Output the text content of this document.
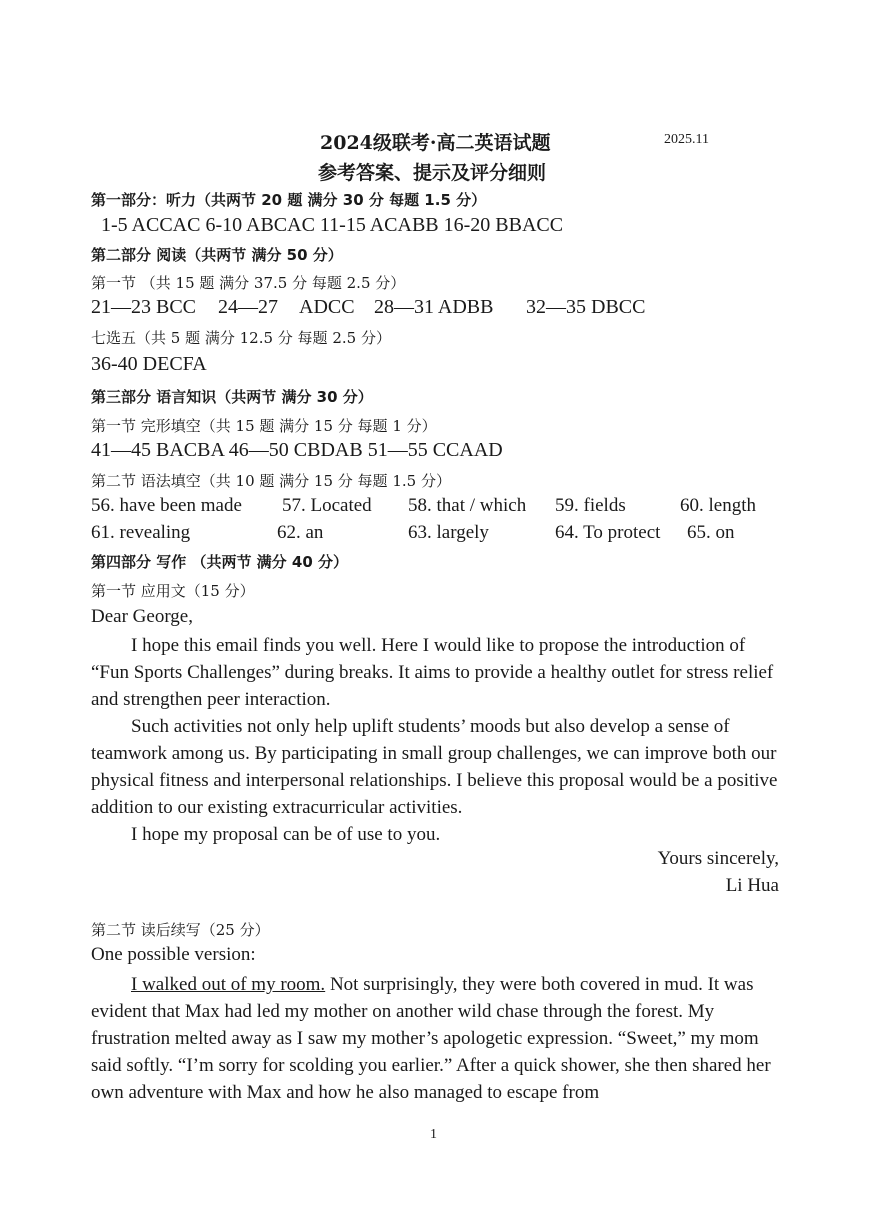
2024级联考·高二英语试题	2025.11
参考答案、提示及评分细则
第一部分：听力（共两节 20 题 满分 30 分 每题 1.5 分）
1-5 ACCAC 6-10 ABCAC 11-15 ACABB 16-20 BBACC
第二部分 阅读（共两节 满分 50 分）
第一节 （共 15 题 满分 37.5 分 每题 2.5 分）
21—23 BCC 24—27 ADCC 28—31 ADBB 32—35 DBCC
七选五（共 5 题 满分 12.5 分 每题 2.5 分）
36-40 DECFA
第三部分 语言知识（共两节 满分 30 分）
第一节 完形填空（共 15 题 满分 15 分 每题 1 分）
41—45 BACBA 46—50 CBDAB 51—55 CCAAD
第二节 语法填空（共 10 题 满分 15 分 每题 1.5 分）
56. have been made 57. Located 58. that / which 59. fields	60. length
61. revealing	62. an	63. largely	64. To protect 65. on
第四部分 写作 （共两节 满分 40 分）
第一节 应用文（15 分）
Dear George,
I hope this email finds you well. Here I would like to propose the introduction of “Fun Sports Challenges” during breaks. It aims to provide a healthy outlet for stress relief and strengthen peer interaction.
Such activities not only help uplift students’ moods but also develop a sense of teamwork among us. By participating in small group challenges, we can improve both our physical fitness and interpersonal relationships. I believe this proposal would be a positive addition to our existing extracurricular activities.
I hope my proposal can be of use to you.
Yours sincerely,
Li Hua
第二节 读后续写（25 分）
One possible version:
I walked out of my room. Not surprisingly, they were both covered in mud. It was evident that Max had led my mother on another wild chase through the forest. My frustration melted away as I saw my mother’s apologetic expression. “Sweet,” my mom said softly. “I’m sorry for scolding you earlier.” After a quick shower, she then shared her own adventure with Max and how he also managed to escape from
1
